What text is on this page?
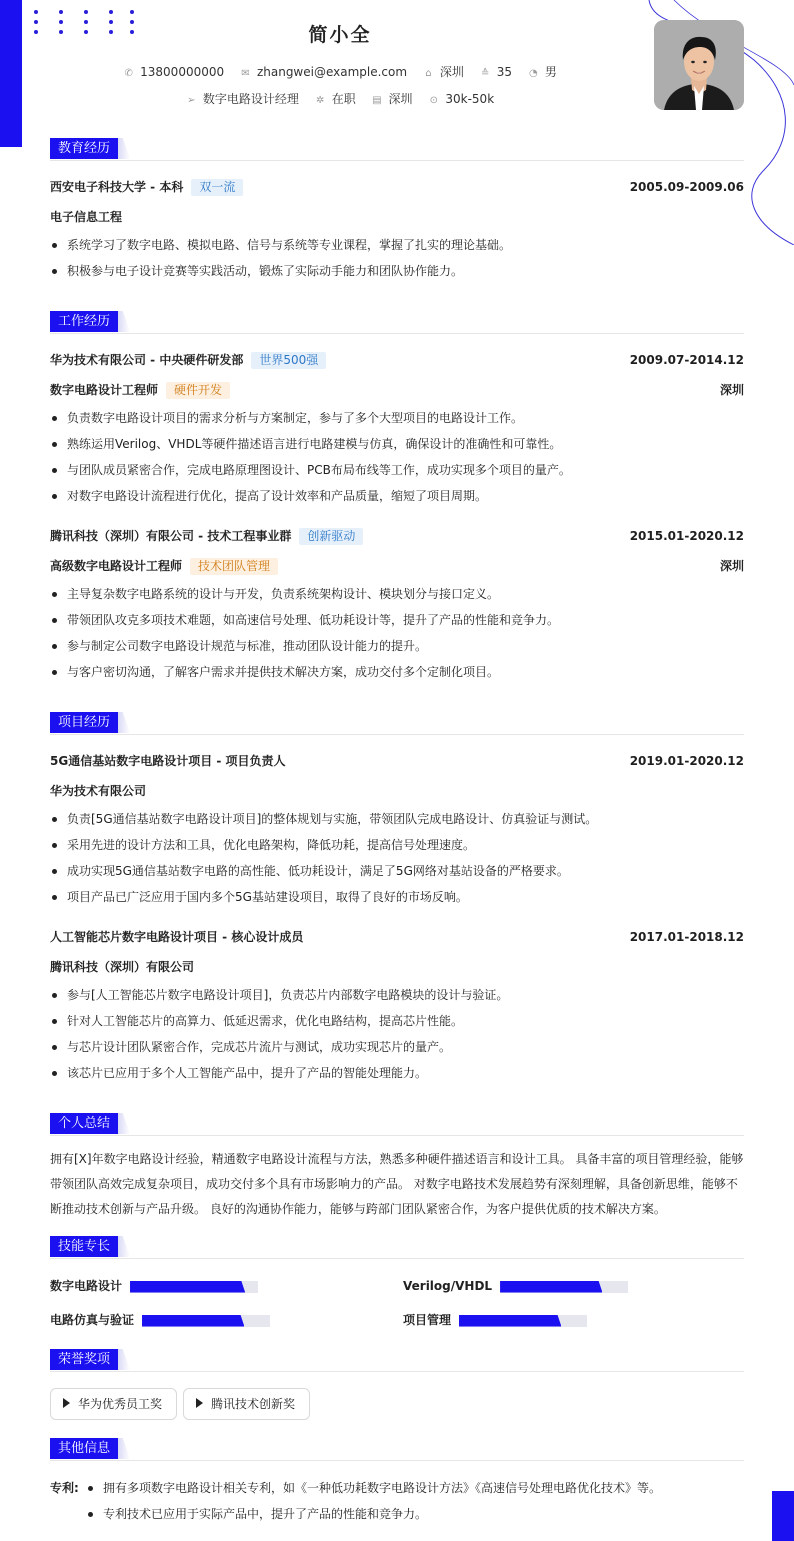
简小全
✆ 13800000000 ✉ zhangwei@example.com ⌂ 深圳 ≙ 35 ◔ 男
➢ 数字电路设计经理 ✲ 在职 ▤ 深圳 ⊙ 30k-50k
教育经历
西安电子科技大学 - 本科 双一流	2005.09-2009.06
电子信息工程
系统学习了数字电路、模拟电路、信号与系统等专业课程，掌握了扎实的理论基础。
积极参与电子设计竞赛等实践活动，锻炼了实际动手能力和团队协作能力。
工作经历
华为技术有限公司 - 中央硬件研发部 世界500强	2009.07-2014.12
数字电路设计工程师 硬件开发	深圳
负责数字电路设计项目的需求分析与方案制定，参与了多个大型项目的电路设计工作。
熟练运用Verilog、VHDL等硬件描述语言进行电路建模与仿真，确保设计的准确性和可靠性。
与团队成员紧密合作，完成电路原理图设计、PCB布局布线等工作，成功实现多个项目的量产。
对数字电路设计流程进行优化，提高了设计效率和产品质量，缩短了项目周期。
腾讯科技（深圳）有限公司 - 技术工程事业群 创新驱动	2015.01-2020.12
高级数字电路设计工程师 技术团队管理	深圳
主导复杂数字电路系统的设计与开发，负责系统架构设计、模块划分与接口定义。
带领团队攻克多项技术难题，如高速信号处理、低功耗设计等，提升了产品的性能和竞争力。
参与制定公司数字电路设计规范与标准，推动团队设计能力的提升。
与客户密切沟通，了解客户需求并提供技术解决方案，成功交付多个定制化项目。
项目经历
5G通信基站数字电路设计项目 - 项目负责人	2019.01-2020.12
华为技术有限公司
负责[5G通信基站数字电路设计项目]的整体规划与实施，带领团队完成电路设计、仿真验证与测试。
采用先进的设计方法和工具，优化电路架构，降低功耗，提高信号处理速度。
成功实现5G通信基站数字电路的高性能、低功耗设计，满足了5G网络对基站设备的严格要求。
项目产品已广泛应用于国内多个5G基站建设项目，取得了良好的市场反响。
人工智能芯片数字电路设计项目 - 核心设计成员	2017.01-2018.12
腾讯科技（深圳）有限公司
参与[人工智能芯片数字电路设计项目]，负责芯片内部数字电路模块的设计与验证。
针对人工智能芯片的高算力、低延迟需求，优化电路结构，提高芯片性能。
与芯片设计团队紧密合作，完成芯片流片与测试，成功实现芯片的量产。
该芯片已应用于多个人工智能产品中，提升了产品的智能处理能力。
个人总结
拥有[X]年数字电路设计经验，精通数字电路设计流程与方法，熟悉多种硬件描述语言和设计工具。 具备丰富的项目管理经验，能够
带领团队高效完成复杂项目，成功交付多个具有市场影响力的产品。 对数字电路技术发展趋势有深刻理解，具备创新思维，能够不
断推动技术创新与产品升级。 良好的沟通协作能力，能够与跨部门团队紧密合作，为客户提供优质的技术解决方案。
技能专长
数字电路设计	Verilog/VHDL
电路仿真与验证	项目管理
荣誉奖项
华为优秀员工奖	腾讯技术创新奖
其他信息
专利:	拥有多项数字电路设计相关专利，如《一种低功耗数字电路设计方法》《高速信号处理电路优化技术》等。
专利技术已应用于实际产品中，提升了产品的性能和竞争力。
